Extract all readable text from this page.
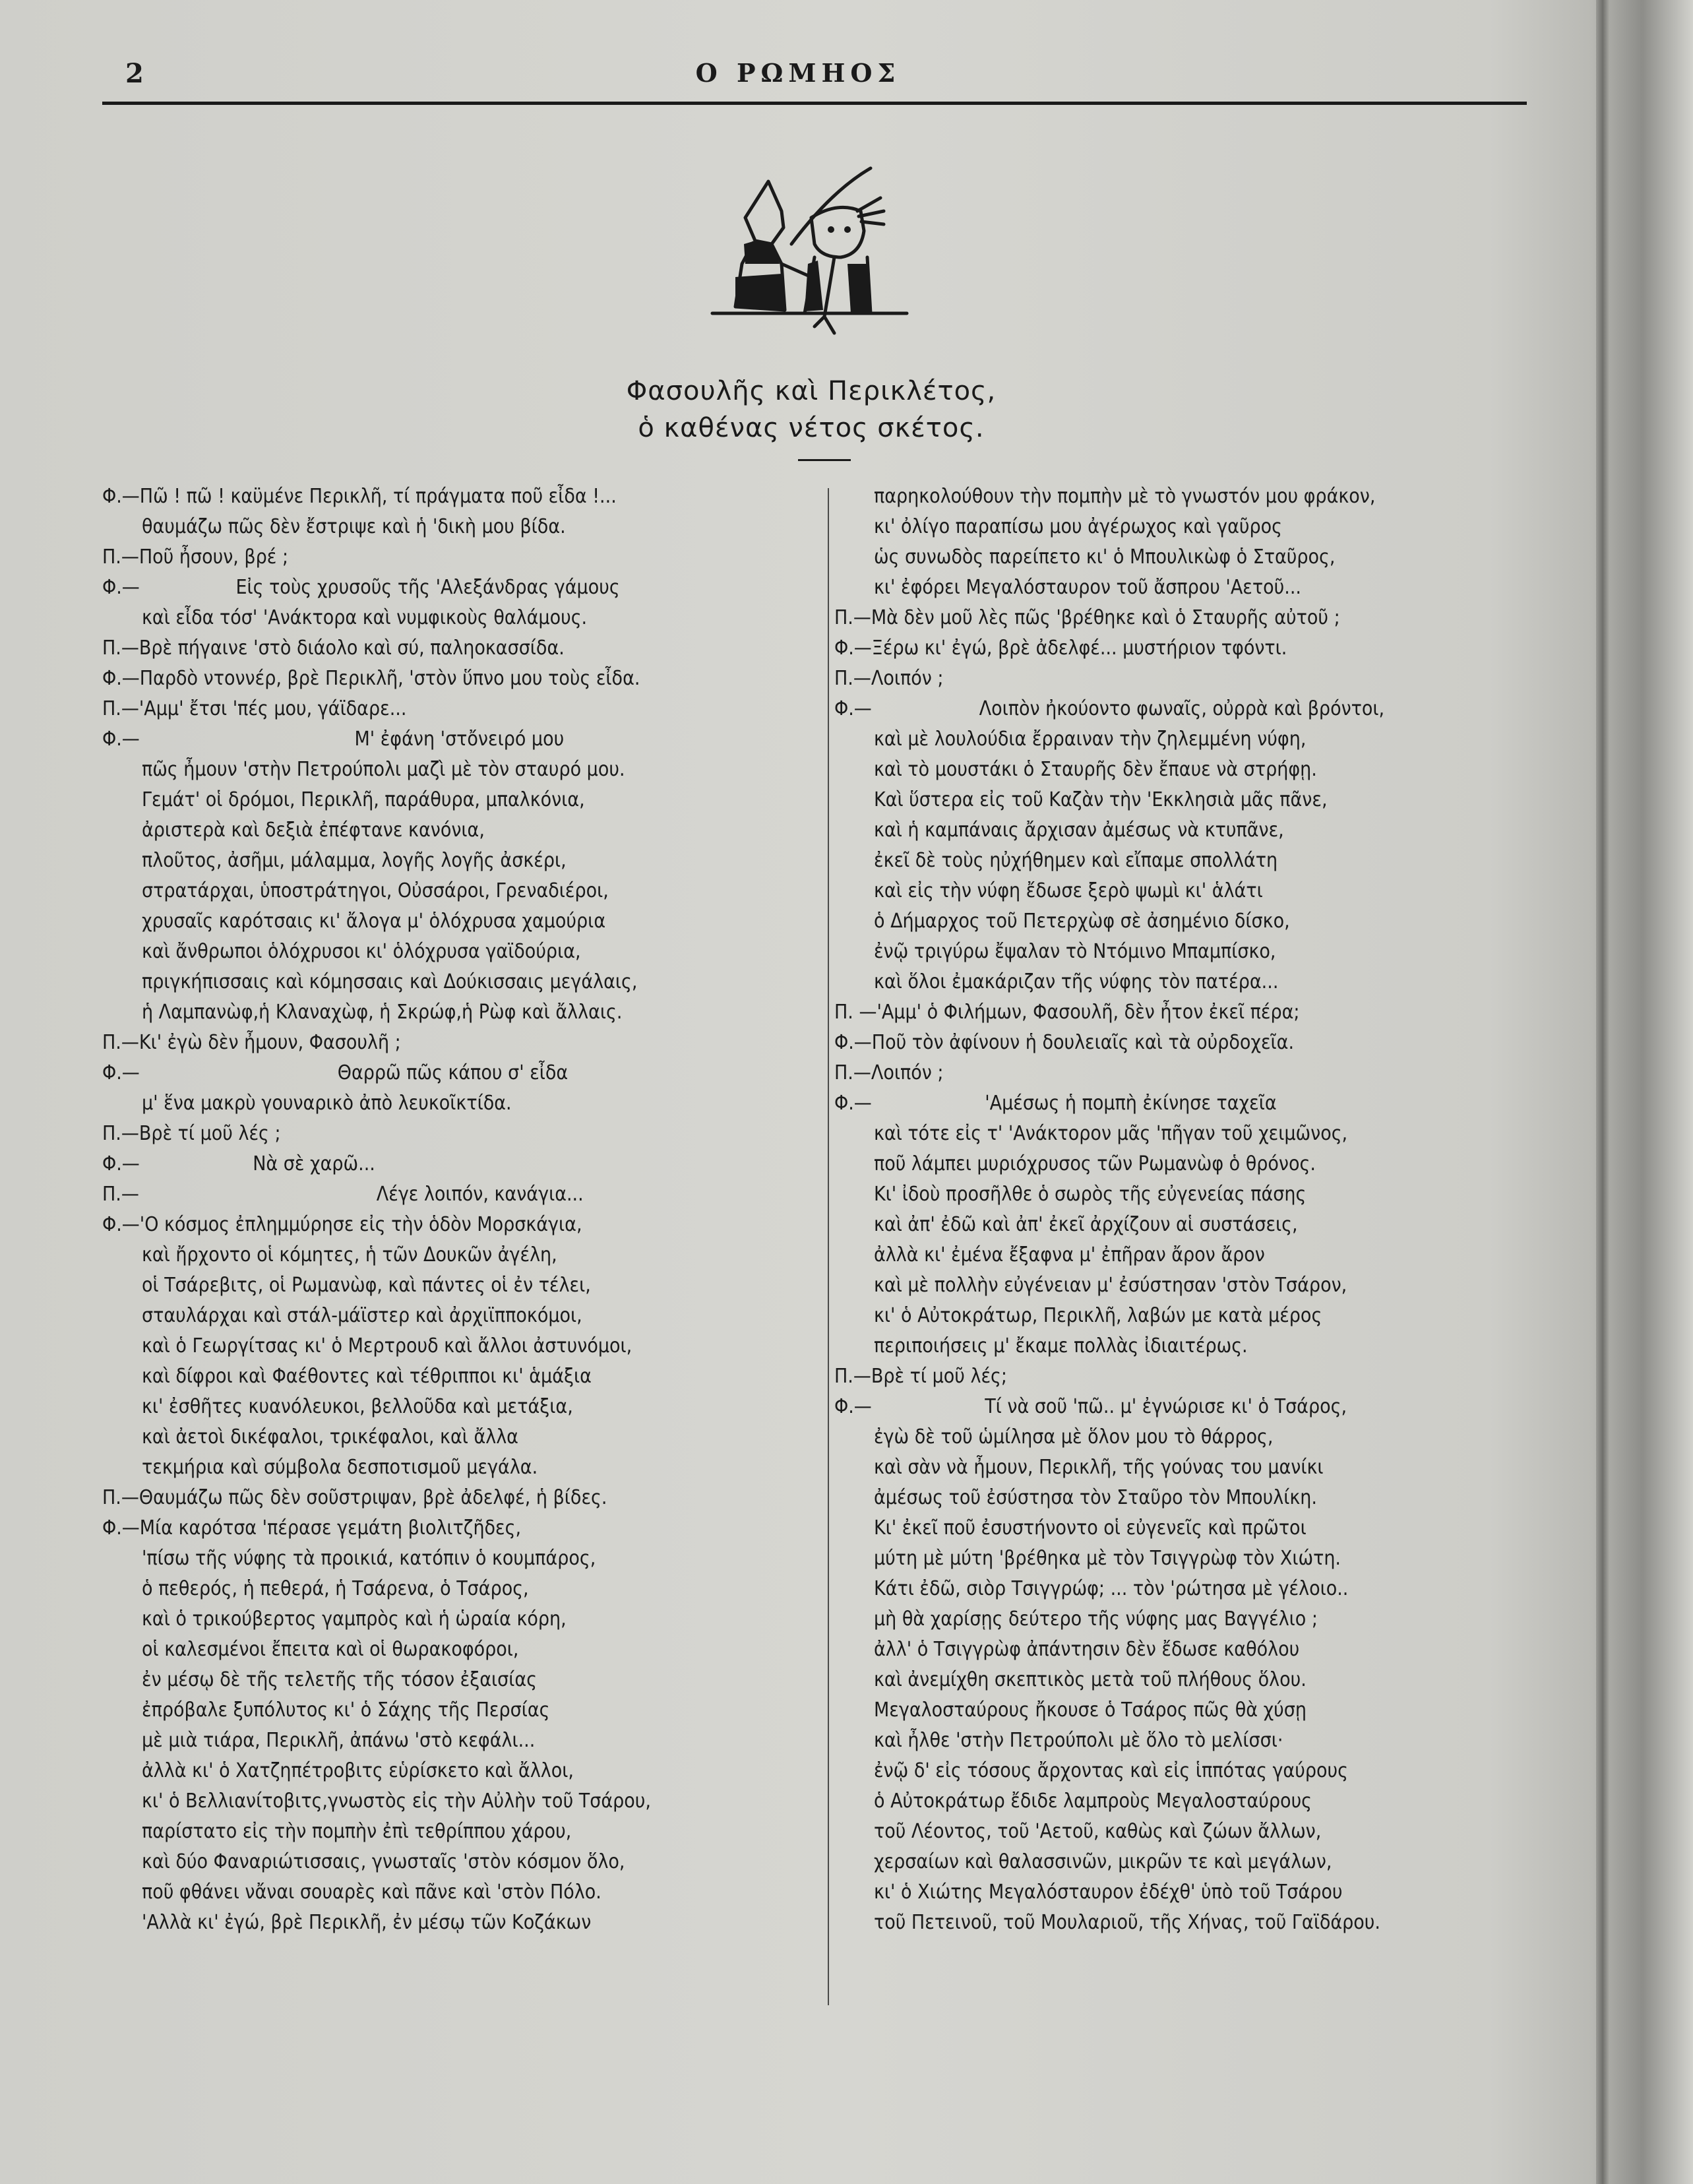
2	Ο ΡΩΜΗΟΣ
Φασουλῆς καὶ Περικλέτος,
ὁ καθένας νέτος σκέτος.
Φ.—Πῶ ! πῶ ! καϋμένε Περικλῆ, τί πράγματα ποῦ εἶδα !...
θαυμάζω πῶς δὲν ἔστριψε καὶ ἡ 'δικὴ μου βίδα.
Π.—Ποῦ ἦσουν, βρέ ;
Φ.—                 Εἰς τοὺς χρυσοῦς τῆς 'Αλεξάνδρας γάμους
καὶ εἶδα τόσ' 'Ανάκτορα καὶ νυμφικοὺς θαλάμους.
Π.—Βρὲ πήγαινε 'στὸ διάολο καὶ σύ, παληοκασσίδα.
Φ.—Παρδὸ ντοννέρ, βρὲ Περικλῆ, 'στὸν ὕπνο μου τοὺς εἶδα.
Π.—'Αμμ' ἔτσι 'πές μου, γάϊδαρε...
Φ.—                                      Μ' ἐφάνη 'στὄνειρό μου
πῶς ἦμουν 'στὴν Πετρούπολι μαζὶ μὲ τὸν σταυρό μου.
Γεμάτ' οἱ δρόμοι, Περικλῆ, παράθυρα, μπαλκόνια,
ἀριστερὰ καὶ δεξιὰ ἐπέφτανε κανόνια,
πλοῦτος, ἀσῆμι, μάλαμμα, λογῆς λογῆς ἀσκέρι,
στρατάρχαι, ὑποστράτηγοι, Οὐσσάροι, Γρεναδιέροι,
χρυσαῖς καρότσαις κι' ἄλογα μ' ὁλόχρυσα χαμούρια
καὶ ἄνθρωποι ὁλόχρυσοι κι' ὁλόχρυσα γαϊδούρια,
πριγκήπισσαις καὶ κόμησσαις καὶ Δούκισσαις μεγάλαις,
ἡ Λαμπανὼφ,ἡ Κλαναχὼφ, ἡ Σκρώφ,ἡ Ρὼφ καὶ ἄλλαις.
Π.—Κι' ἐγὼ δὲν ἦμουν, Φασουλῆ ;
Φ.—                                   Θαρρῶ πῶς κάπου σ' εἶδα
μ' ἕνα μακρὺ γουναρικὸ ἀπὸ λευκοῖκτίδα.
Π.—Βρὲ τί μοῦ λές ;
Φ.—                    Νὰ σὲ χαρῶ...
Π.—                                          Λέγε λοιπόν, κανάγια...
Φ.—'Ο κόσμος ἐπλημμύρησε εἰς τὴν ὁδὸν Μορσκάγια,
καὶ ἤρχοντο οἱ κόμητες, ἡ τῶν Δουκῶν ἀγέλη,
οἱ Τσάρεβιτς, οἱ Ρωμανὼφ, καὶ πάντες οἱ ἐν τέλει,
σταυλάρχαι καὶ στάλ-μάϊστερ καὶ ἀρχιϊπποκόμοι,
καὶ ὁ Γεωργίτσας κι' ὁ Μερτρουδ καὶ ἄλλοι ἀστυνόμοι,
καὶ δίφροι καὶ Φαέθοντες καὶ τέθριπποι κι' ἁμάξια
κι' ἐσθῆτες κυανόλευκοι, βελλοῦδα καὶ μετάξια,
καὶ ἀετοὶ δικέφαλοι, τρικέφαλοι, καὶ ἄλλα
τεκμήρια καὶ σύμβολα δεσποτισμοῦ μεγάλα.
Π.—Θαυμάζω πῶς δὲν σοῦστριψαν, βρὲ ἀδελφέ, ἡ βίδες.
Φ.—Μία καρότσα 'πέρασε γεμάτη βιολιτζῆδες,
'πίσω τῆς νύφης τὰ προικιά, κατόπιν ὁ κουμπάρος,
ὁ πεθερός, ἡ πεθερά, ἡ Τσάρενα, ὁ Τσάρος,
καὶ ὁ τρικούβερτος γαμπρὸς καὶ ἡ ὡραία κόρη,
οἱ καλεσμένοι ἔπειτα καὶ οἱ θωρακοφόροι,
ἐν μέσῳ δὲ τῆς τελετῆς τῆς τόσον ἐξαισίας
ἐπρόβαλε ξυπόλυτος κι' ὁ Σάχης τῆς Περσίας
μὲ μιὰ τιάρα, Περικλῆ, ἀπάνω 'στὸ κεφάλι...
ἀλλὰ κι' ὁ Χατζηπέτροβιτς εὑρίσκετο καὶ ἄλλοι,
κι' ὁ Βελλιανίτοβιτς,γνωστὸς εἰς τὴν Αὐλὴν τοῦ Τσάρου,
παρίστατο εἰς τὴν πομπὴν ἐπὶ τεθρίππου χάρου,
καὶ δύο Φαναριώτισσαις, γνωσταῖς 'στὸν κόσμον ὅλο,
ποῦ φθάνει νἄναι σουαρὲς καὶ πᾶνε καὶ 'στὸν Πόλο.
'Αλλὰ κι' ἐγώ, βρὲ Περικλῆ, ἐν μέσῳ τῶν Κοζάκων
παρηκολούθουν τὴν πομπὴν μὲ τὸ γνωστόν μου φράκον,
κι' ὀλίγο παραπίσω μου ἀγέρωχος καὶ γαῦρος
ὡς συνωδὸς παρείπετο κι' ὁ Μπουλικὼφ ὁ Σταῦρος,
κι' ἐφόρει Μεγαλόσταυρον τοῦ ἄσπρου 'Αετοῦ...
Π.—Μὰ δὲν μοῦ λὲς πῶς 'βρέθηκε καὶ ὁ Σταυρῆς αὐτοῦ ;
Φ.—Ξέρω κι' ἐγώ, βρὲ ἀδελφέ... μυστήριον τφόντι.
Π.—Λοιπόν ;
Φ.—                   Λοιπὸν ἠκούοντο φωναῖς, οὐρρὰ καὶ βρόντοι,
καὶ μὲ λουλούδια ἔρραιναν τὴν ζηλεμμένη νύφη,
καὶ τὸ μουστάκι ὁ Σταυρῆς δὲν ἔπαυε νὰ στρήφῃ.
Καὶ ὕστερα εἰς τοῦ Καζὰν τὴν 'Εκκλησιὰ μᾶς πᾶνε,
καὶ ἡ καμπάναις ἄρχισαν ἀμέσως νὰ κτυπᾶνε,
ἐκεῖ δὲ τοὺς ηὐχήθημεν καὶ εἴπαμε σπολλάτη
καὶ εἰς τὴν νύφη ἔδωσε ξερὸ ψωμὶ κι' ἁλάτι
ὁ Δήμαρχος τοῦ Πετερχὼφ σὲ ἀσημένιο δίσκο,
ἐνῷ τριγύρω ἔψαλαν τὸ Ντόμινο Μπαμπίσκο,
καὶ ὅλοι ἐμακάριζαν τῆς νύφης τὸν πατέρα...
Π. —'Αμμ' ὁ Φιλήμων, Φασουλῆ, δὲν ἦτον ἐκεῖ πέρα;
Φ.—Ποῦ τὸν ἀφίνουν ἡ δουλειαῖς καὶ τὰ οὐρδοχεῖα.
Π.—Λοιπόν ;
Φ.—                    'Αμέσως ἡ πομπὴ ἐκίνησε ταχεῖα
καὶ τότε εἰς τ' 'Ανάκτορον μᾶς 'πῆγαν τοῦ χειμῶνος,
ποῦ λάμπει μυριόχρυσος τῶν Ρωμανὼφ ὁ θρόνος.
Κι' ἰδοὺ προσῆλθε ὁ σωρὸς τῆς εὐγενείας πάσης
καὶ ἀπ' ἐδῶ καὶ ἀπ' ἐκεῖ ἀρχίζουν αἱ συστάσεις,
ἀλλὰ κι' ἐμένα ἔξαφνα μ' ἐπῆραν ἄρον ἄρον
καὶ μὲ πολλὴν εὐγένειαν μ' ἐσύστησαν 'στὸν Τσάρον,
κι' ὁ Αὐτοκράτωρ, Περικλῆ, λαβών με κατὰ μέρος
περιποιήσεις μ' ἔκαμε πολλὰς ἰδιαιτέρως.
Π.—Βρὲ τί μοῦ λές;
Φ.—                    Τί νὰ σοῦ 'πῶ.. μ' ἐγνώρισε κι' ὁ Τσάρος,
ἐγὼ δὲ τοῦ ὡμίλησα μὲ ὅλον μου τὸ θάρρος,
καὶ σὰν νὰ ἦμουν, Περικλῆ, τῆς γούνας του μανίκι
ἀμέσως τοῦ ἐσύστησα τὸν Σταῦρο τὸν Μπουλίκη.
Κι' ἐκεῖ ποῦ ἐσυστήνοντο οἱ εὐγενεῖς καὶ πρῶτοι
μύτη μὲ μύτη 'βρέθηκα μὲ τὸν Τσιγγρὼφ τὸν Χιώτη.
Κάτι ἐδῶ, σιὸρ Τσιγγρώφ; ... τὸν 'ρώτησα μὲ γέλοιο..
μὴ θὰ χαρίσῃς δεύτερο τῆς νύφης μας Βαγγέλιο ;
ἀλλ' ὁ Τσιγγρὼφ ἀπάντησιν δὲν ἔδωσε καθόλου
καὶ ἀνεμίχθη σκεπτικὸς μετὰ τοῦ πλήθους ὅλου.
Μεγαλοσταύρους ἤκουσε ὁ Τσάρος πῶς θὰ χύσῃ
καὶ ἦλθε 'στὴν Πετρούπολι μὲ ὅλο τὸ μελίσσι·
ἐνῷ δ' εἰς τόσους ἄρχοντας καὶ εἰς ἱππότας γαύρους
ὁ Αὐτοκράτωρ ἔδιδε λαμπροὺς Μεγαλοσταύρους
τοῦ Λέοντος, τοῦ 'Αετοῦ, καθὼς καὶ ζώων ἄλλων,
χερσαίων καὶ θαλασσινῶν, μικρῶν τε καὶ μεγάλων,
κι' ὁ Χιώτης Μεγαλόσταυρον ἐδέχθ' ὑπὸ τοῦ Τσάρου
τοῦ Πετεινοῦ, τοῦ Μουλαριοῦ, τῆς Χήνας, τοῦ Γαϊδάρου.
